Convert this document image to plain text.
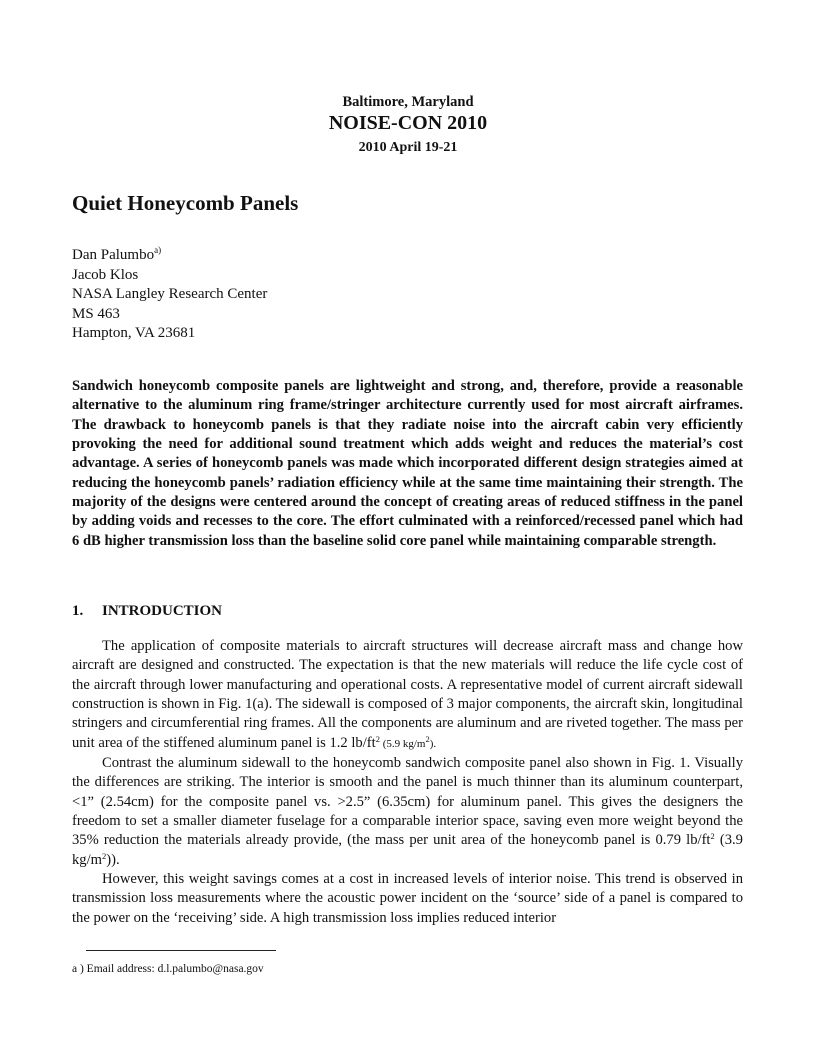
Baltimore, Maryland
NOISE-CON 2010
2010 April 19-21
Quiet Honeycomb Panels
Dan Palumbo$^{a)}$
Jacob Klos
NASA Langley Research Center
MS 463
Hampton, VA 23681
Sandwich honeycomb composite panels are lightweight and strong, and, therefore, provide a reasonable alternative to the aluminum ring frame/stringer architecture currently used for most aircraft airframes. The drawback to honeycomb panels is that they radiate noise into the aircraft cabin very efficiently provoking the need for additional sound treatment which adds weight and reduces the material’s cost advantage. A series of honeycomb panels was made which incorporated different design strategies aimed at reducing the honeycomb panels’ radiation efficiency while at the same time maintaining their strength. The majority of the designs were centered around the concept of creating areas of reduced stiffness in the panel by adding voids and recesses to the core. The effort culminated with a reinforced/recessed panel which had 6 dB higher transmission loss than the baseline solid core panel while maintaining comparable strength.
1. INTRODUCTION

The application of composite materials to aircraft structures will decrease aircraft mass and change how aircraft are designed and constructed. The expectation is that the new materials will reduce the life cycle cost of the aircraft through lower manufacturing and operational costs. A representative model of current aircraft sidewall construction is shown in Fig. 1(a). The sidewall is composed of 3 major components, the aircraft skin, longitudinal stringers and circumferential ring frames. All the components are aluminum and are riveted together. The mass per unit area of the stiffened aluminum panel is 1.2 $lb/ft^2$ (5.9 $kg/m^2$).

Contrast the aluminum sidewall to the honeycomb sandwich composite panel also shown in Fig. 1. Visually the differences are striking. The interior is smooth and the panel is much thinner than its aluminum counterpart, <1” (2.54cm) for the composite panel vs. >2.5” (6.35cm) for aluminum panel. This gives the designers the freedom to set a smaller diameter fuselage for a comparable interior space, saving even more weight beyond the 35% reduction the materials already provide, (the mass per unit area of the honeycomb panel is 0.79 $lb/ft^2$ (3.9 $kg/m^2$)).

However, this weight savings comes at a cost in increased levels of interior noise. This trend is observed in transmission loss measurements where the acoustic power incident on the ‘source’ side of a panel is compared to the power on the ‘receiving’ side. A high transmission loss implies reduced interior

a ) Email address: d.l.palumbo@nasa.gov
